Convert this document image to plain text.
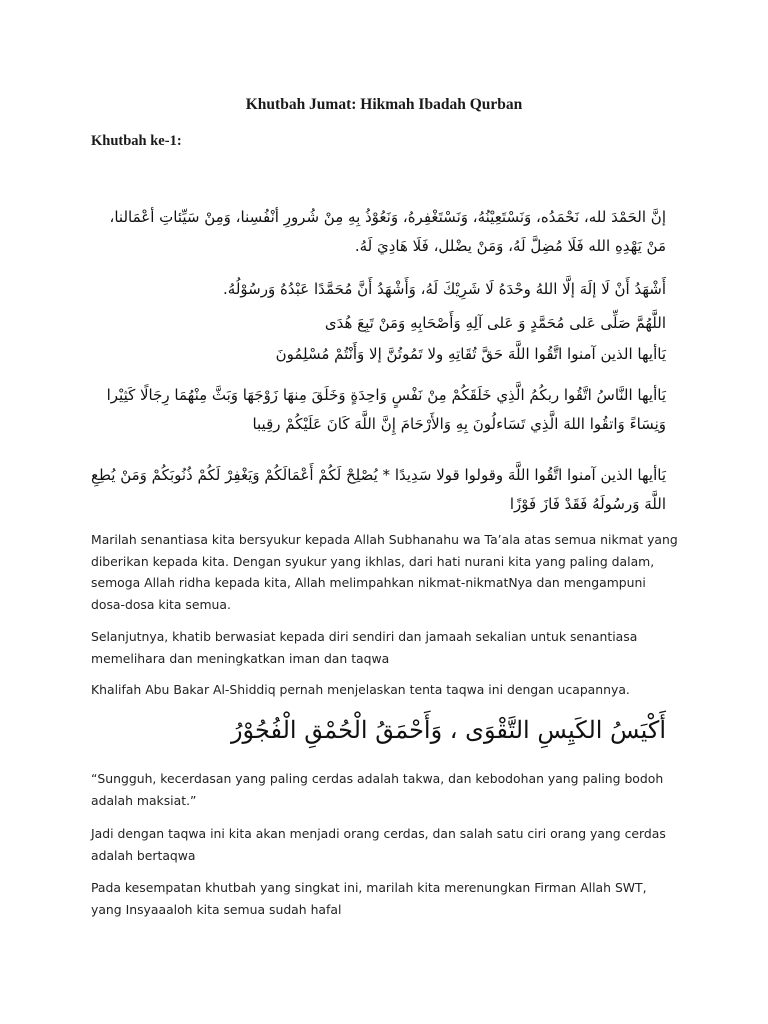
Khutbah Jumat: Hikmah Ibadah Qurban
Khutbah ke-1:
إنَّ الحَمْدَ لله، نَحْمَدُه، وَنَسْتَعِيْنُهُ، وَنَسْتَغْفِرهُ، وَنَعُوْذُ بِهِ مِنْ شُرورِ أنْفُسِنا، وَمِنْ سَيِّئاتِ أعْمَالنا، مَنْ يَهْدِهِ الله فَلَا مُضِلَّ لَهُ، وَمَنْ يضْلل، فَلَا هَادِيَ لَهُ.
أَشْهَدُ أَنْ لَا إلَهَ إلَّا اللهُ وحْدَهُ لَا شَرِيْكَ لَهُ، وَأَشْهَدُ أَنَّ مُحَمَّدًا عَبْدُهُ وَرسُوْلُهُ.
اللَّهُمَّ صَلِّى عَلى مُحَمَّدٍ وَ عَلى آلِهِ وَأَصْحَابِهِ وَمَنْ تَبِعَ هُدَى
يَاأيها الذين آمنوا اتَّقُوا اللَّهَ حَقَّ تُقَاتِهِ ولا تَمُوتُنَّ إلا وَأَنْتُمْ مُسْلِمُونَ
يَاأيها النَّاسُ اتَّقُوا ربكُمُ الَّذِي خَلَقَكُمْ مِنْ نَفْسٍ وَاحِدَةٍ وَخَلَقَ مِنهَا زَوْجَهَا وَبَثَّ مِنْهُمَا رِجَالًا كَثِيْرا وَنِسَاءً وَاتقُوا اللهَ الَّذِي تَسَاءلُونَ بِهِ وَالأَرْحَامَ إِنَّ اللَّهَ كَانَ عَلَيْكُمْ رقِيبا
يَاأيها الذين آمنوا اتَّقُوا اللَّهَ وقولوا قولا سَدِيدًا * يُصْلِحْ لَكُمْ أَعْمَالَكُمْ وَيَغْفِرْ لَكُمْ ذُنُوبَكُمْ وَمَنْ يُطِعِ اللَّهَ وَرسُولَهُ فَقَدْ فَازَ فَوْزًا
Marilah senantiasa kita bersyukur kepada Allah Subhanahu wa Ta’ala atas semua nikmat yang diberikan kepada kita. Dengan syukur yang ikhlas, dari hati nurani kita yang paling dalam, semoga Allah ridha kepada kita, Allah melimpahkan nikmat-nikmatNya dan mengampuni dosa-dosa kita semua.
Selanjutnya, khatib berwasiat kepada diri sendiri dan jamaah sekalian untuk senantiasa memelihara dan meningkatkan iman dan taqwa
Khalifah Abu Bakar Al-Shiddiq pernah menjelaskan tenta taqwa ini dengan ucapannya.
أَكْيَسُ الكَيِسِ التَّقْوَى ، وَأَحْمَقُ الْحُمْقِ الْفُجُوْرُ
“Sungguh, kecerdasan yang paling cerdas adalah takwa, dan kebodohan yang paling bodoh adalah maksiat.”
Jadi dengan taqwa ini kita akan menjadi orang cerdas, dan salah satu ciri orang yang cerdas adalah bertaqwa
Pada kesempatan khutbah yang singkat ini, marilah kita merenungkan Firman Allah SWT, yang Insyaaaloh kita semua sudah hafal
